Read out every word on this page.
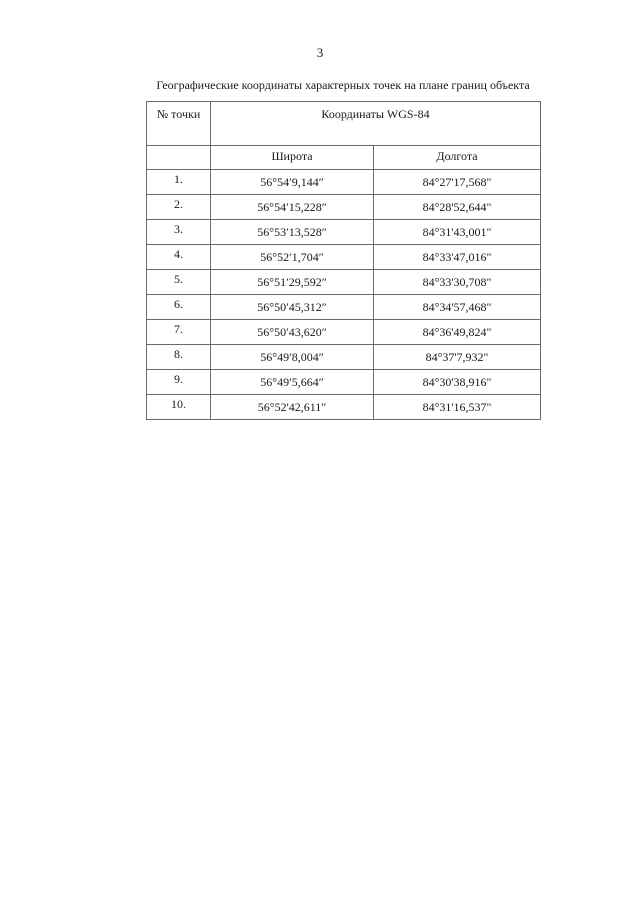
3
Географические координаты характерных точек на плане границ объекта
№ точки	Координаты WGS-84	
	Широта	Долгота
1.	56°54′9,144″	84°27'17,568"
2.	56°54′15,228″	84°28'52,644"
3.	56°53′13,528″	84°31'43,001"
4.	56°52′1,704″	84°33'47,016"
5.	56°51′29,592″	84°33'30,708"
6.	56°50′45,312″	84°34'57,468"
7.	56°50′43,620″	84°36'49,824"
8.	56°49′8,004″	84°37'7,932"
9.	56°49′5,664″	84°30'38,916"
10.	56°52'42,611"	84°31'16,537"
